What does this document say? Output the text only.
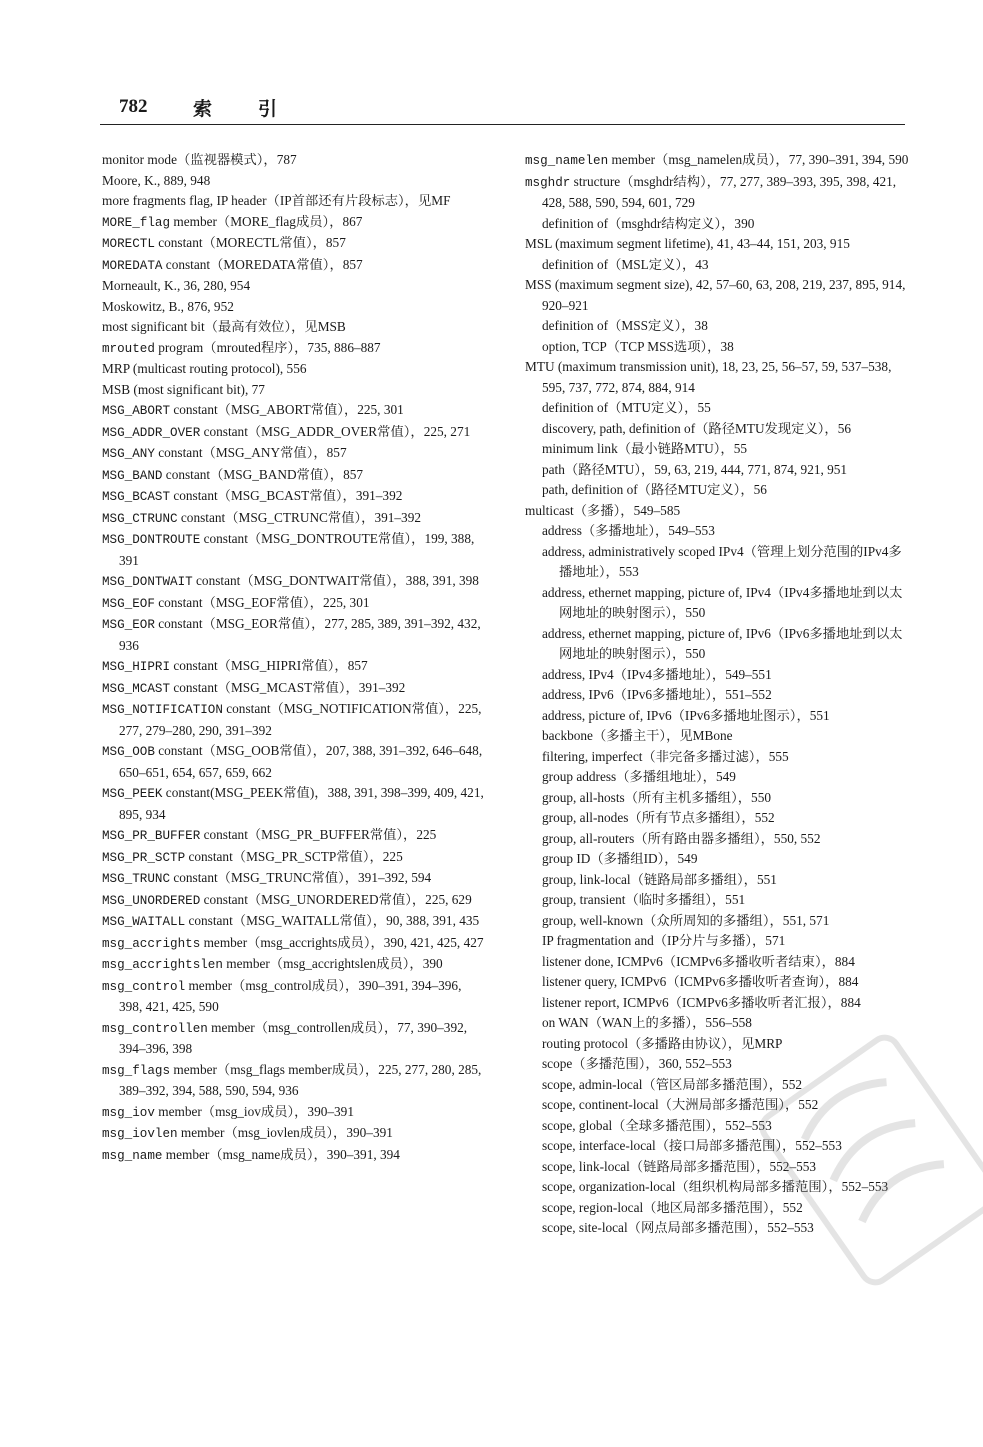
782 索引
monitor mode（监视器模式），787
Moore, K., 889, 948
more fragments flag, IP header（IP首部还有片段标志），见MF
MORE_flag member（MORE_flag成员），867
MORECTL constant（MORECTL常值），857
MOREDATA constant（MOREDATA常值），857
Morneault, K., 36, 280, 954
Moskowitz, B., 876, 952
most significant bit（最高有效位），见MSB
mrouted program（mrouted程序），735, 886–887
MRP (multicast routing protocol), 556
MSB (most significant bit), 77
MSG_ABORT constant（MSG_ABORT常值），225, 301
MSG_ADDR_OVER constant（MSG_ADDR_OVER常值），225, 271
MSG_ANY constant（MSG_ANY常值），857
MSG_BAND constant（MSG_BAND常值），857
MSG_BCAST constant（MSG_BCAST常值），391–392
MSG_CTRUNC constant（MSG_CTRUNC常值），391–392
MSG_DONTROUTE constant（MSG_DONTROUTE常值），199, 388, 391
MSG_DONTWAIT constant（MSG_DONTWAIT常值），388, 391, 398
MSG_EOF constant（MSG_EOF常值），225, 301
MSG_EOR constant（MSG_EOR常值），277, 285, 389, 391–392, 432, 936
MSG_HIPRI constant（MSG_HIPRI常值），857
MSG_MCAST constant（MSG_MCAST常值），391–392
MSG_NOTIFICATION constant（MSG_NOTIFICATION常值），225, 277, 279–280, 290, 391–392
MSG_OOB constant（MSG_OOB常值），207, 388, 391–392, 646–648, 650–651, 654, 657, 659, 662
MSG_PEEK constant(MSG_PEEK常值)，388, 391, 398–399, 409, 421, 895, 934
MSG_PR_BUFFER constant（MSG_PR_BUFFER常值），225
MSG_PR_SCTP constant（MSG_PR_SCTP常值），225
MSG_TRUNC constant（MSG_TRUNC常值），391–392, 594
MSG_UNORDERED constant（MSG_UNORDERED常值），225, 629
MSG_WAITALL constant（MSG_WAITALL常值），90, 388, 391, 435
msg_accrights member（msg_accrights成员），390, 421, 425, 427
msg_accrightslen member（msg_accrightslen成员），390
msg_control member（msg_control成员），390–391, 394–396, 398, 421, 425, 590
msg_controllen member（msg_controllen成员），77, 390–392, 394–396, 398
msg_flags member（msg_flags member成员），225, 277, 280, 285, 389–392, 394, 588, 590, 594, 936
msg_iov member（msg_iov成员），390–391
msg_iovlen member（msg_iovlen成员），390–391
msg_name member（msg_name成员），390–391, 394
msg_namelen member（msg_namelen成员），77, 390–391, 394, 590
msghdr structure（msghdr结构），77, 277, 389–393, 395, 398, 421, 428, 588, 590, 594, 601, 729
definition of（msghdr结构定义），390
MSL (maximum segment lifetime), 41, 43–44, 151, 203, 915
definition of（MSL定义），43
MSS (maximum segment size), 42, 57–60, 63, 208, 219, 237, 895, 914, 920–921
definition of（MSS定义），38
option, TCP（TCP MSS选项），38
MTU (maximum transmission unit), 18, 23, 25, 56–57, 59, 537–538, 595, 737, 772, 874, 884, 914
definition of（MTU定义），55
discovery, path, definition of（路径MTU发现定义），56
minimum link（最小链路MTU），55
path（路径MTU），59, 63, 219, 444, 771, 874, 921, 951
path, definition of（路径MTU定义），56
multicast（多播），549–585
address（多播地址），549–553
address, administratively scoped IPv4（管理上划分范围的IPv4多播地址），553
address, ethernet mapping, picture of, IPv4（IPv4多播地址到以太网地址的映射图示），550
address, ethernet mapping, picture of, IPv6（IPv6多播地址到以太网地址的映射图示），550
address, IPv4（IPv4多播地址），549–551
address, IPv6（IPv6多播地址），551–552
address, picture of, IPv6（IPv6多播地址图示），551
backbone（多播主干），见MBone
filtering, imperfect（非完备多播过滤），555
group address（多播组地址），549
group, all-hosts（所有主机多播组），550
group, all-nodes（所有节点多播组），552
group, all-routers（所有路由器多播组），550, 552
group ID（多播组ID），549
group, link-local（链路局部多播组），551
group, transient（临时多播组），551
group, well-known（众所周知的多播组），551, 571
IP fragmentation and（IP分片与多播），571
listener done, ICMPv6（ICMPv6多播收听者结束），884
listener query, ICMPv6（ICMPv6多播收听者查询），884
listener report, ICMPv6（ICMPv6多播收听者汇报），884
on WAN（WAN上的多播），556–558
routing protocol（多播路由协议），见MRP
scope（多播范围），360, 552–553
scope, admin-local（管区局部多播范围），552
scope, continent-local（大洲局部多播范围），552
scope, global（全球多播范围），552–553
scope, interface-local（接口局部多播范围），552–553
scope, link-local（链路局部多播范围），552–553
scope, organization-local（组织机构局部多播范围），552–553
scope, region-local（地区局部多播范围），552
scope, site-local（网点局部多播范围），552–553
